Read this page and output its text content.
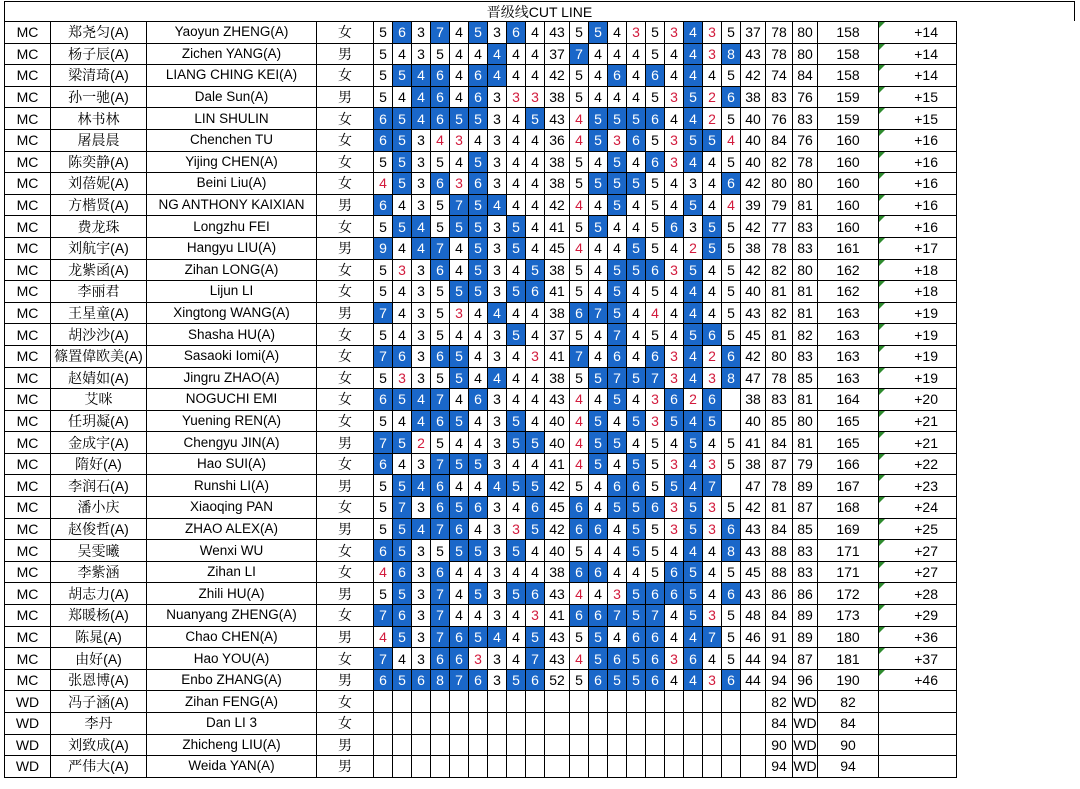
晋级线CUT LINE
MC	郑尧匀(A)	Yaoyun ZHENG(A)	女	5	6	3	7	4	5	3	6	4	43	5	5	4	3	5	3	4	3	5	37	78	80	158	+14
MC	杨子辰(A)	Zichen YANG(A)	男	5	4	3	5	4	4	4	4	4	37	7	4	4	4	5	4	4	3	8	43	78	80	158	+14
MC	梁清琦(A)	LIANG CHING KEI(A)	女	5	5	4	6	4	6	4	4	4	42	5	4	6	4	6	4	4	4	5	42	74	84	158	+14
MC	孙一驰(A)	Dale Sun(A)	男	5	4	4	6	4	6	3	3	3	38	5	4	4	4	5	3	5	2	6	38	83	76	159	+15
MC	林书林	LIN SHULIN	女	6	5	4	6	5	5	3	4	5	43	4	5	5	5	6	4	4	2	5	40	76	83	159	+15
MC	屠晨晨	Chenchen TU	女	6	5	3	4	3	4	3	4	4	36	4	5	3	6	5	3	5	5	4	40	84	76	160	+16
MC	陈奕静(A)	Yijing CHEN(A)	女	5	5	3	5	4	5	3	4	4	38	5	4	5	4	6	3	4	4	5	40	82	78	160	+16
MC	刘蓓妮(A)	Beini Liu(A)	女	4	5	3	6	3	6	3	4	4	38	5	5	5	5	5	4	3	4	6	42	80	80	160	+16
MC	方楷贤(A)	NG ANTHONY KAIXIAN	男	6	4	3	5	7	5	4	4	4	42	4	4	5	4	5	4	5	4	4	39	79	81	160	+16
MC	费龙珠	Longzhu FEI	女	5	5	4	5	5	5	3	5	4	41	5	5	4	4	5	6	3	5	5	42	77	83	160	+16
MC	刘航宇(A)	Hangyu LIU(A)	男	9	4	4	7	4	5	3	5	4	45	4	4	4	5	5	4	2	5	5	38	78	83	161	+17
MC	龙紫函(A)	Zihan LONG(A)	女	5	3	3	6	4	5	3	4	5	38	5	4	5	5	6	3	5	4	5	42	82	80	162	+18
MC	李丽君	Lijun LI	女	5	4	3	5	5	5	3	5	6	41	5	4	5	4	5	4	4	4	5	40	81	81	162	+18
MC	王星童(A)	Xingtong WANG(A)	男	7	4	3	5	3	4	4	4	4	38	6	7	5	4	4	4	4	4	5	43	82	81	163	+19
MC	胡沙沙(A)	Shasha HU(A)	女	5	4	3	5	4	4	3	5	4	37	5	4	7	4	5	4	5	6	5	45	81	82	163	+19
MC	篠置偉欧美(A)	Sasaoki Iomi(A)	女	7	6	3	6	5	4	3	4	3	41	7	4	6	4	6	3	4	2	6	42	80	83	163	+19
MC	赵婧如(A)	Jingru ZHAO(A)	女	5	3	3	5	5	4	4	4	4	38	5	5	7	5	7	3	4	3	8	47	78	85	163	+19
MC	艾咪	NOGUCHI EMI	女	6	5	4	7	4	6	3	4	4	43	4	4	5	4	3	6	2	6		38	83	81	164	+20
MC	任玥凝(A)	Yuening REN(A)	女	5	4	4	6	5	4	3	5	4	40	4	5	4	5	3	5	4	5		40	85	80	165	+21
MC	金成宇(A)	Chengyu JIN(A)	男	7	5	2	5	4	4	3	5	5	40	4	5	5	4	5	4	5	4	5	41	84	81	165	+21
MC	隋好(A)	Hao SUI(A)	女	6	4	3	7	5	5	3	4	4	41	4	5	4	5	5	3	4	3	5	38	87	79	166	+22
MC	李润石(A)	Runshi LI(A)	男	5	5	4	6	4	4	4	5	5	42	5	4	6	6	5	5	4	7		47	78	89	167	+23
MC	潘小庆	Xiaoqing PAN	女	5	7	3	6	5	6	3	4	6	45	6	4	5	5	6	3	5	3	5	42	81	87	168	+24
MC	赵俊哲(A)	ZHAO ALEX(A)	男	5	5	4	7	6	4	3	3	5	42	6	6	4	5	5	3	5	3	6	43	84	85	169	+25
MC	吴雯曦	Wenxi WU	女	6	5	3	5	5	5	3	5	4	40	5	4	4	5	5	4	4	4	8	43	88	83	171	+27
MC	李紫涵	Zihan LI	女	4	6	3	6	4	4	3	4	4	38	6	6	4	4	5	6	5	4	5	45	88	83	171	+27
MC	胡志力(A)	Zhili HU(A)	男	5	5	3	7	4	5	3	5	6	43	4	4	3	5	6	6	5	4	6	43	86	86	172	+28
MC	郑暖杨(A)	Nuanyang ZHENG(A)	女	7	6	3	7	4	4	3	4	3	41	6	6	7	5	7	4	5	3	5	48	84	89	173	+29
MC	陈晁(A)	Chao CHEN(A)	男	4	5	3	7	6	5	4	4	5	43	5	5	4	6	6	4	4	7	5	46	91	89	180	+36
MC	由好(A)	Hao YOU(A)	女	7	4	3	6	6	3	3	4	7	43	4	5	6	5	6	3	6	4	5	44	94	87	181	+37
MC	张恩博(A)	Enbo ZHANG(A)	男	6	5	6	8	7	6	3	5	6	52	5	6	5	5	6	4	4	3	6	44	94	96	190	+46
WD	冯子涵(A)	Zihan FENG(A)	女																					82	WD	82	
WD	李丹	Dan LI 3	女																					84	WD	84	
WD	刘致成(A)	Zhicheng LIU(A)	男																					90	WD	90	
WD	严伟大(A)	Weida YAN(A)	男																					94	WD	94	
